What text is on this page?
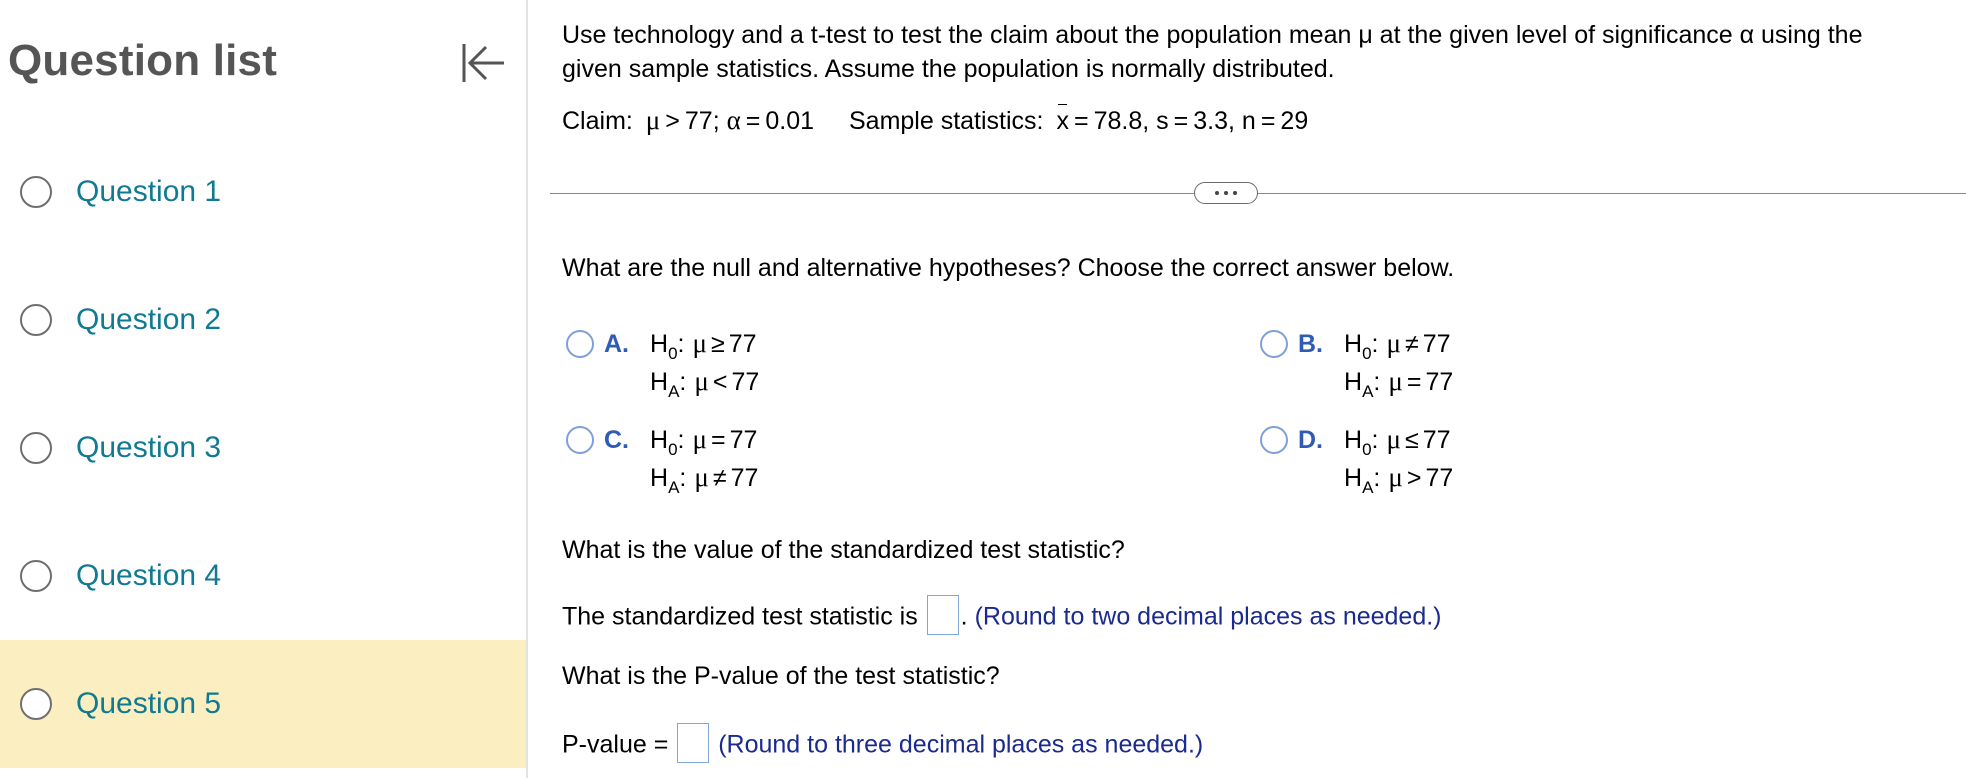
Question list
Question 1
Question 2
Question 3
Question 4
Question 5
Use technology and a t-test to test the claim about the population mean μ at the given level of significance α using the
given sample statistics. Assume the population is normally distributed.
Claim: μ > 77; α = 0.01 Sample statistics: x = 78.8, s = 3.3, n = 29
What are the null and alternative hypotheses? Choose the correct answer below.
A. $H_0$: μ ≥ 77
$H_A$: μ < 77
B. $H_0$: μ ≠ 77
$H_A$: μ = 77
C. $H_0$: μ = 77
$H_A$: μ ≠ 77
D. $H_0$: μ ≤ 77
$H_A$: μ > 77
What is the value of the standardized test statistic?
The standardized test statistic is . (Round to two decimal places as needed.)
What is the P-value of the test statistic?
P-value = (Round to three decimal places as needed.)
